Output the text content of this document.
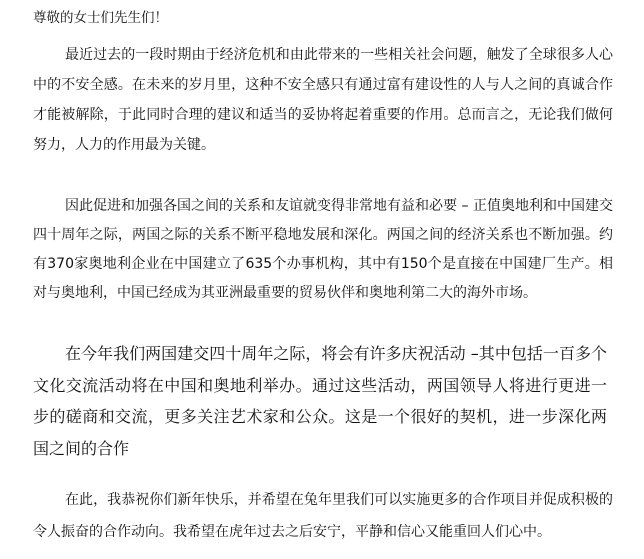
尊敬的女士们先生们！

最近过去的一段时期由于经济危机和由此带来的一些相关社会问题，触发了全球很多人心中的不安全感。在未来的岁月里，这种不安全感只有通过富有建设性的人与人之间的真诚合作才能被解除，于此同时合理的建议和适当的妥协将起着重要的作用。总而言之，无论我们做何努力，人力的作用最为关键。

因此促进和加强各国之间的关系和友谊就变得非常地有益和必要 – 正值奥地利和中国建交四十周年之际，两国之际的关系不断平稳地发展和深化。两国之间的经济关系也不断加强。约有370家奥地利企业在中国建立了635个办事机构，其中有150个是直接在中国建厂生产。相对与奥地利，中国已经成为其亚洲最重要的贸易伙伴和奥地利第二大的海外市场。

在今年我们两国建交四十周年之际，将会有许多庆祝活动 –其中包括一百多个文化交流活动将在中国和奥地利举办。通过这些活动，两国领导人将进行更进一步的磋商和交流，更多关注艺术家和公众。这是一个很好的契机，进一步深化两国之间的合作

在此，我恭祝你们新年快乐，并希望在兔年里我们可以实施更多的合作项目并促成积极的令人振奋的合作动向。我希望在虎年过去之后安宁，平静和信心又能重回人们心中。
